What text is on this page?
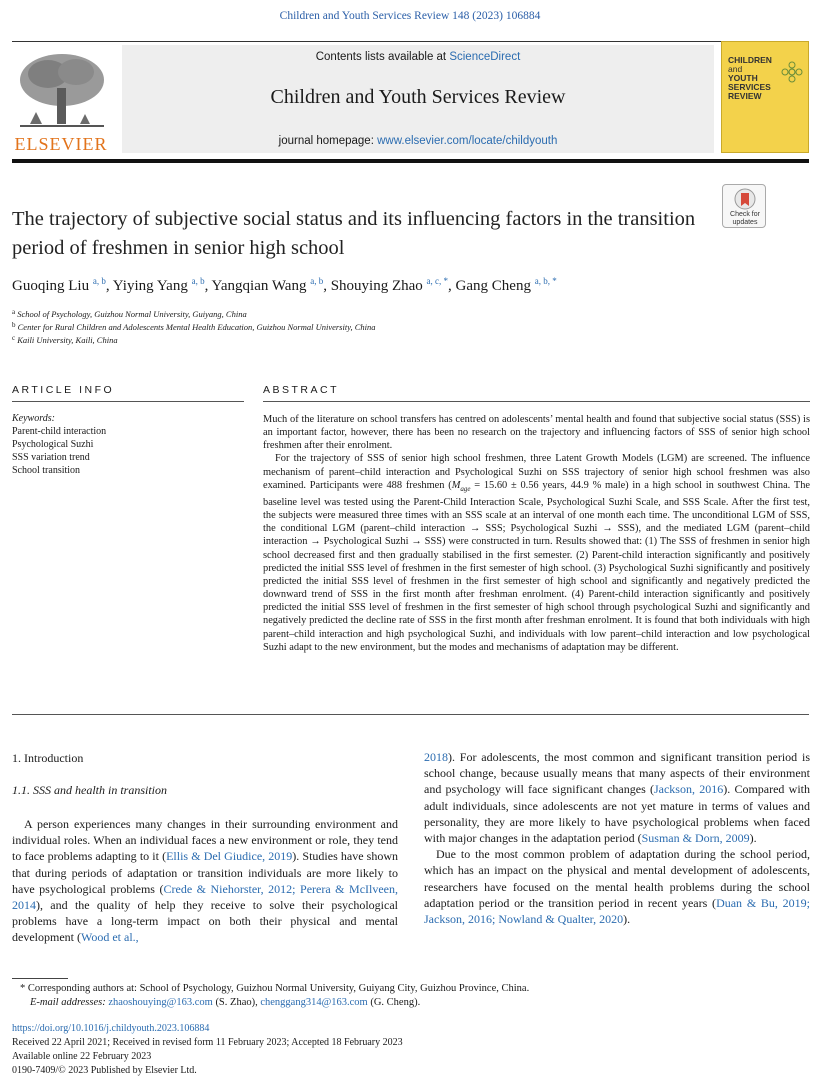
Children and Youth Services Review 148 (2023) 106884
ELSEVIER
Contents lists available at ScienceDirect
Children and Youth Services Review
journal homepage: www.elsevier.com/locate/childyouth
CHILDREN
and
YOUTH
SERVICES
REVIEW
Check for updates
The trajectory of subjective social status and its influencing factors in the transition period of freshmen in senior high school
Guoqing Liu $^{a, b}$, Yiying Yang $^{a, b}$, Yangqian Wang $^{a, b}$, Shouying Zhao $^{a, c, *}$, Gang Cheng $^{a, b, *}$
$^a$ School of Psychology, Guizhou Normal University, Guiyang, China
$^b$ Center for Rural Children and Adolescents Mental Health Education, Guizhou Normal University, China
$^c$ Kaili University, Kaili, China
ARTICLE INFO
Keywords:
Parent-child interaction
Psychological Suzhi
SSS variation trend
School transition
ABSTRACT

Much of the literature on school transfers has centred on adolescents’ mental health and found that subjective social status (SSS) is an important factor, however, there has been no research on the trajectory and influencing factors of SSS of senior high school freshmen after their enrolment.

For the trajectory of SSS of senior high school freshmen, three Latent Growth Models (LGM) are screened. The influence mechanism of parent–child interaction and Psychological Suzhi on SSS trajectory of senior high school freshmen was also examined. Participants were 488 freshmen ($M_{age} = 15.60 \pm 0.56$ years, 44.9 % male) in a high school in southwest China. The baseline level was tested using the Parent-Child Interaction Scale, Psychological Suzhi Scale, and SSS Scale. After the first test, the subjects were measured three times with an SSS scale at an interval of one month each time. The unconditional LGM of SSS, the conditional LGM (parent–child interaction → SSS; Psychological Suzhi → SSS), and the mediated LGM (parent–child interaction → Psychological Suzhi → SSS) were constructed in turn. Results showed that: (1) The SSS of freshmen in senior high school decreased first and then gradually stabilised in the first semester. (2) Parent-child interaction significantly and positively predicted the initial SSS level of freshmen in the first semester of high school. (3) Psychological Suzhi significantly and positively predicted the initial SSS level of freshmen in the first semester of high school and significantly and negatively predicted the downward trend of SSS in the first month after freshman enrolment. (4) Parent-child interaction significantly and positively predicted the initial SSS level of freshmen in the first semester of high school through psychological Suzhi and significantly and negatively predicted the decline rate of SSS in the first month after freshman enrolment. It is found that both individuals with high parent–child interaction and high psychological Suzhi, and individuals with low parent–child interaction and low psychological Suzhi adapt to the new environment, but the modes and mechanisms of adaptation may be different.

1. Introduction
1.1. SSS and health in transition

A person experiences many changes in their surrounding environment and individual roles. When an individual faces a new environment or role, they tend to face problems adapting to it (Ellis & Del Giudice, 2019). Studies have shown that during periods of adaptation or transition individuals are more likely to have psychological problems (Crede & Niehorster, 2012; Perera & McIlveen, 2014), and the quality of help they receive to solve their psychological problems have a long-term impact on both their physical and mental development (Wood et al.,

2018). For adolescents, the most common and significant transition period is school change, because usually means that many aspects of their environment and psychology will face significant changes (Jackson, 2016). Compared with adult individuals, since adolescents are not yet mature in terms of values and personality, they are more likely to have psychological problems when faced with major changes in the adaptation period (Susman & Dorn, 2009).

Due to the most common problem of adaptation during the school period, which has an impact on the physical and mental development of adolescents, researchers have focused on the mental health problems during the school adaptation period or the transition period in recent years (Duan & Bu, 2019; Jackson, 2016; Nowland & Qualter, 2020).

* Corresponding authors at: School of Psychology, Guizhou Normal University, Guiyang City, Guizhou Province, China.
E-mail addresses: zhaoshouying@163.com (S. Zhao), chenggang314@163.com (G. Cheng).
https://doi.org/10.1016/j.childyouth.2023.106884
Received 22 April 2021; Received in revised form 11 February 2023; Accepted 18 February 2023
Available online 22 February 2023
0190-7409/© 2023 Published by Elsevier Ltd.
